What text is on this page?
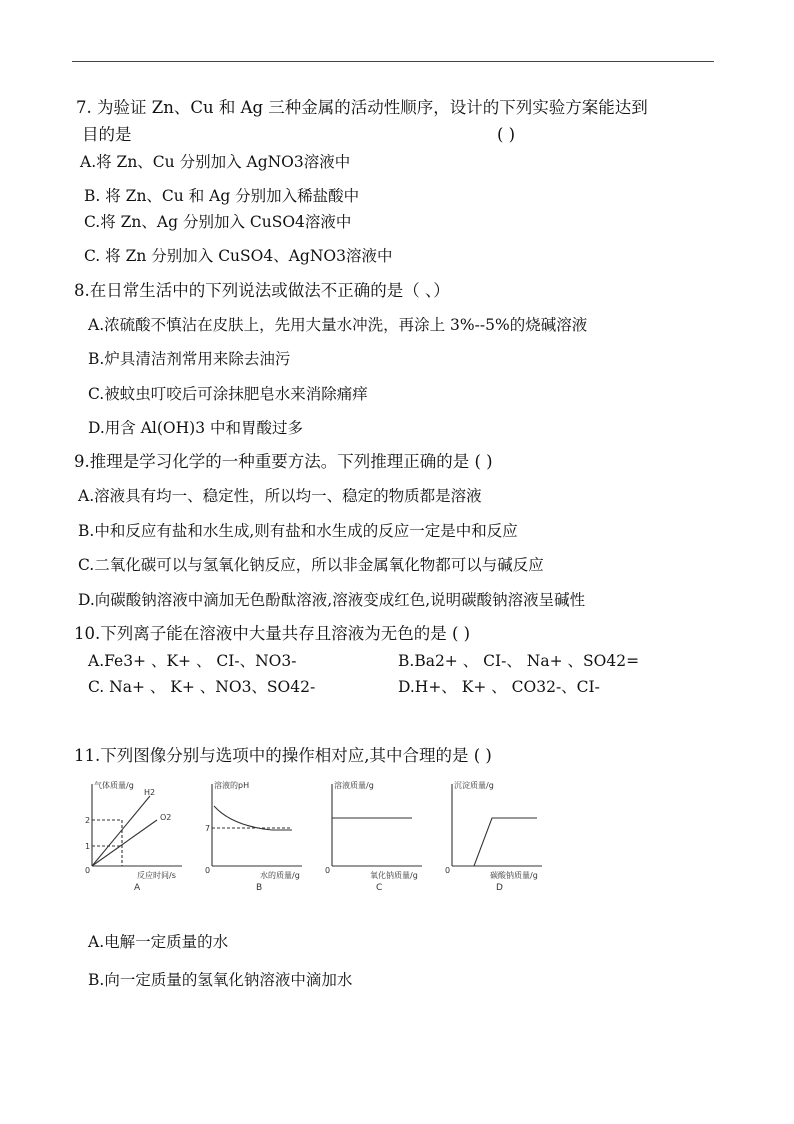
7. 为验证 Zn、Cu 和 Ag 三种金属的活动性顺序，设计的下列实验方案能达到
目的是	( )
A.将 Zn、Cu 分别加入 AgNO3溶液中
B. 将 Zn、Cu 和 Ag 分别加入稀盐酸中
C.将 Zn、Ag 分别加入 CuSO4溶液中
C. 将 Zn 分别加入 CuSO4、AgNO3溶液中
8.在日常生活中的下列说法或做法不正确的是（ 、）
A.浓硫酸不慎沾在皮肤上，先用大量水冲洗，再涂上 3%--5%的烧碱溶液
B.炉具清洁剂常用来除去油污
C.被蚊虫叮咬后可涂抹肥皂水来消除痛痒
D.用含 Al(OH)3 中和胃酸过多
9.推理是学习化学的一种重要方法。下列推理正确的是 ( )
A.溶液具有均一、稳定性，所以均一、稳定的物质都是溶液
B.中和反应有盐和水生成,则有盐和水生成的反应一定是中和反应
C.二氧化碳可以与氢氧化钠反应，所以非金属氧化物都可以与碱反应
D.向碳酸钠溶液中滴加无色酚酞溶液,溶液变成红色,说明碳酸钠溶液呈碱性
10.下列离子能在溶液中大量共存且溶液为无色的是 ( )
A.Fe3+ 、K+ 、 CI-、NO3-	B.Ba2+ 、 CI-、 Na+ 、SO42=
C. Na+ 、 K+ 、NO3、SO42-	D.H+、 K+ 、 CO32-、CI-
11.下列图像分别与选项中的操作相对应,其中合理的是 ( )
气体质量/g
反应时间/s
A
H2
O2
2
1
0
溶液的pH
水的质量/g
B
7
0
溶液质量/g
氧化钠质量/g
C
0
沉淀质量/g
碳酸钠质量/g
D
0
A.电解一定质量的水
B.向一定质量的氢氧化钠溶液中滴加水
